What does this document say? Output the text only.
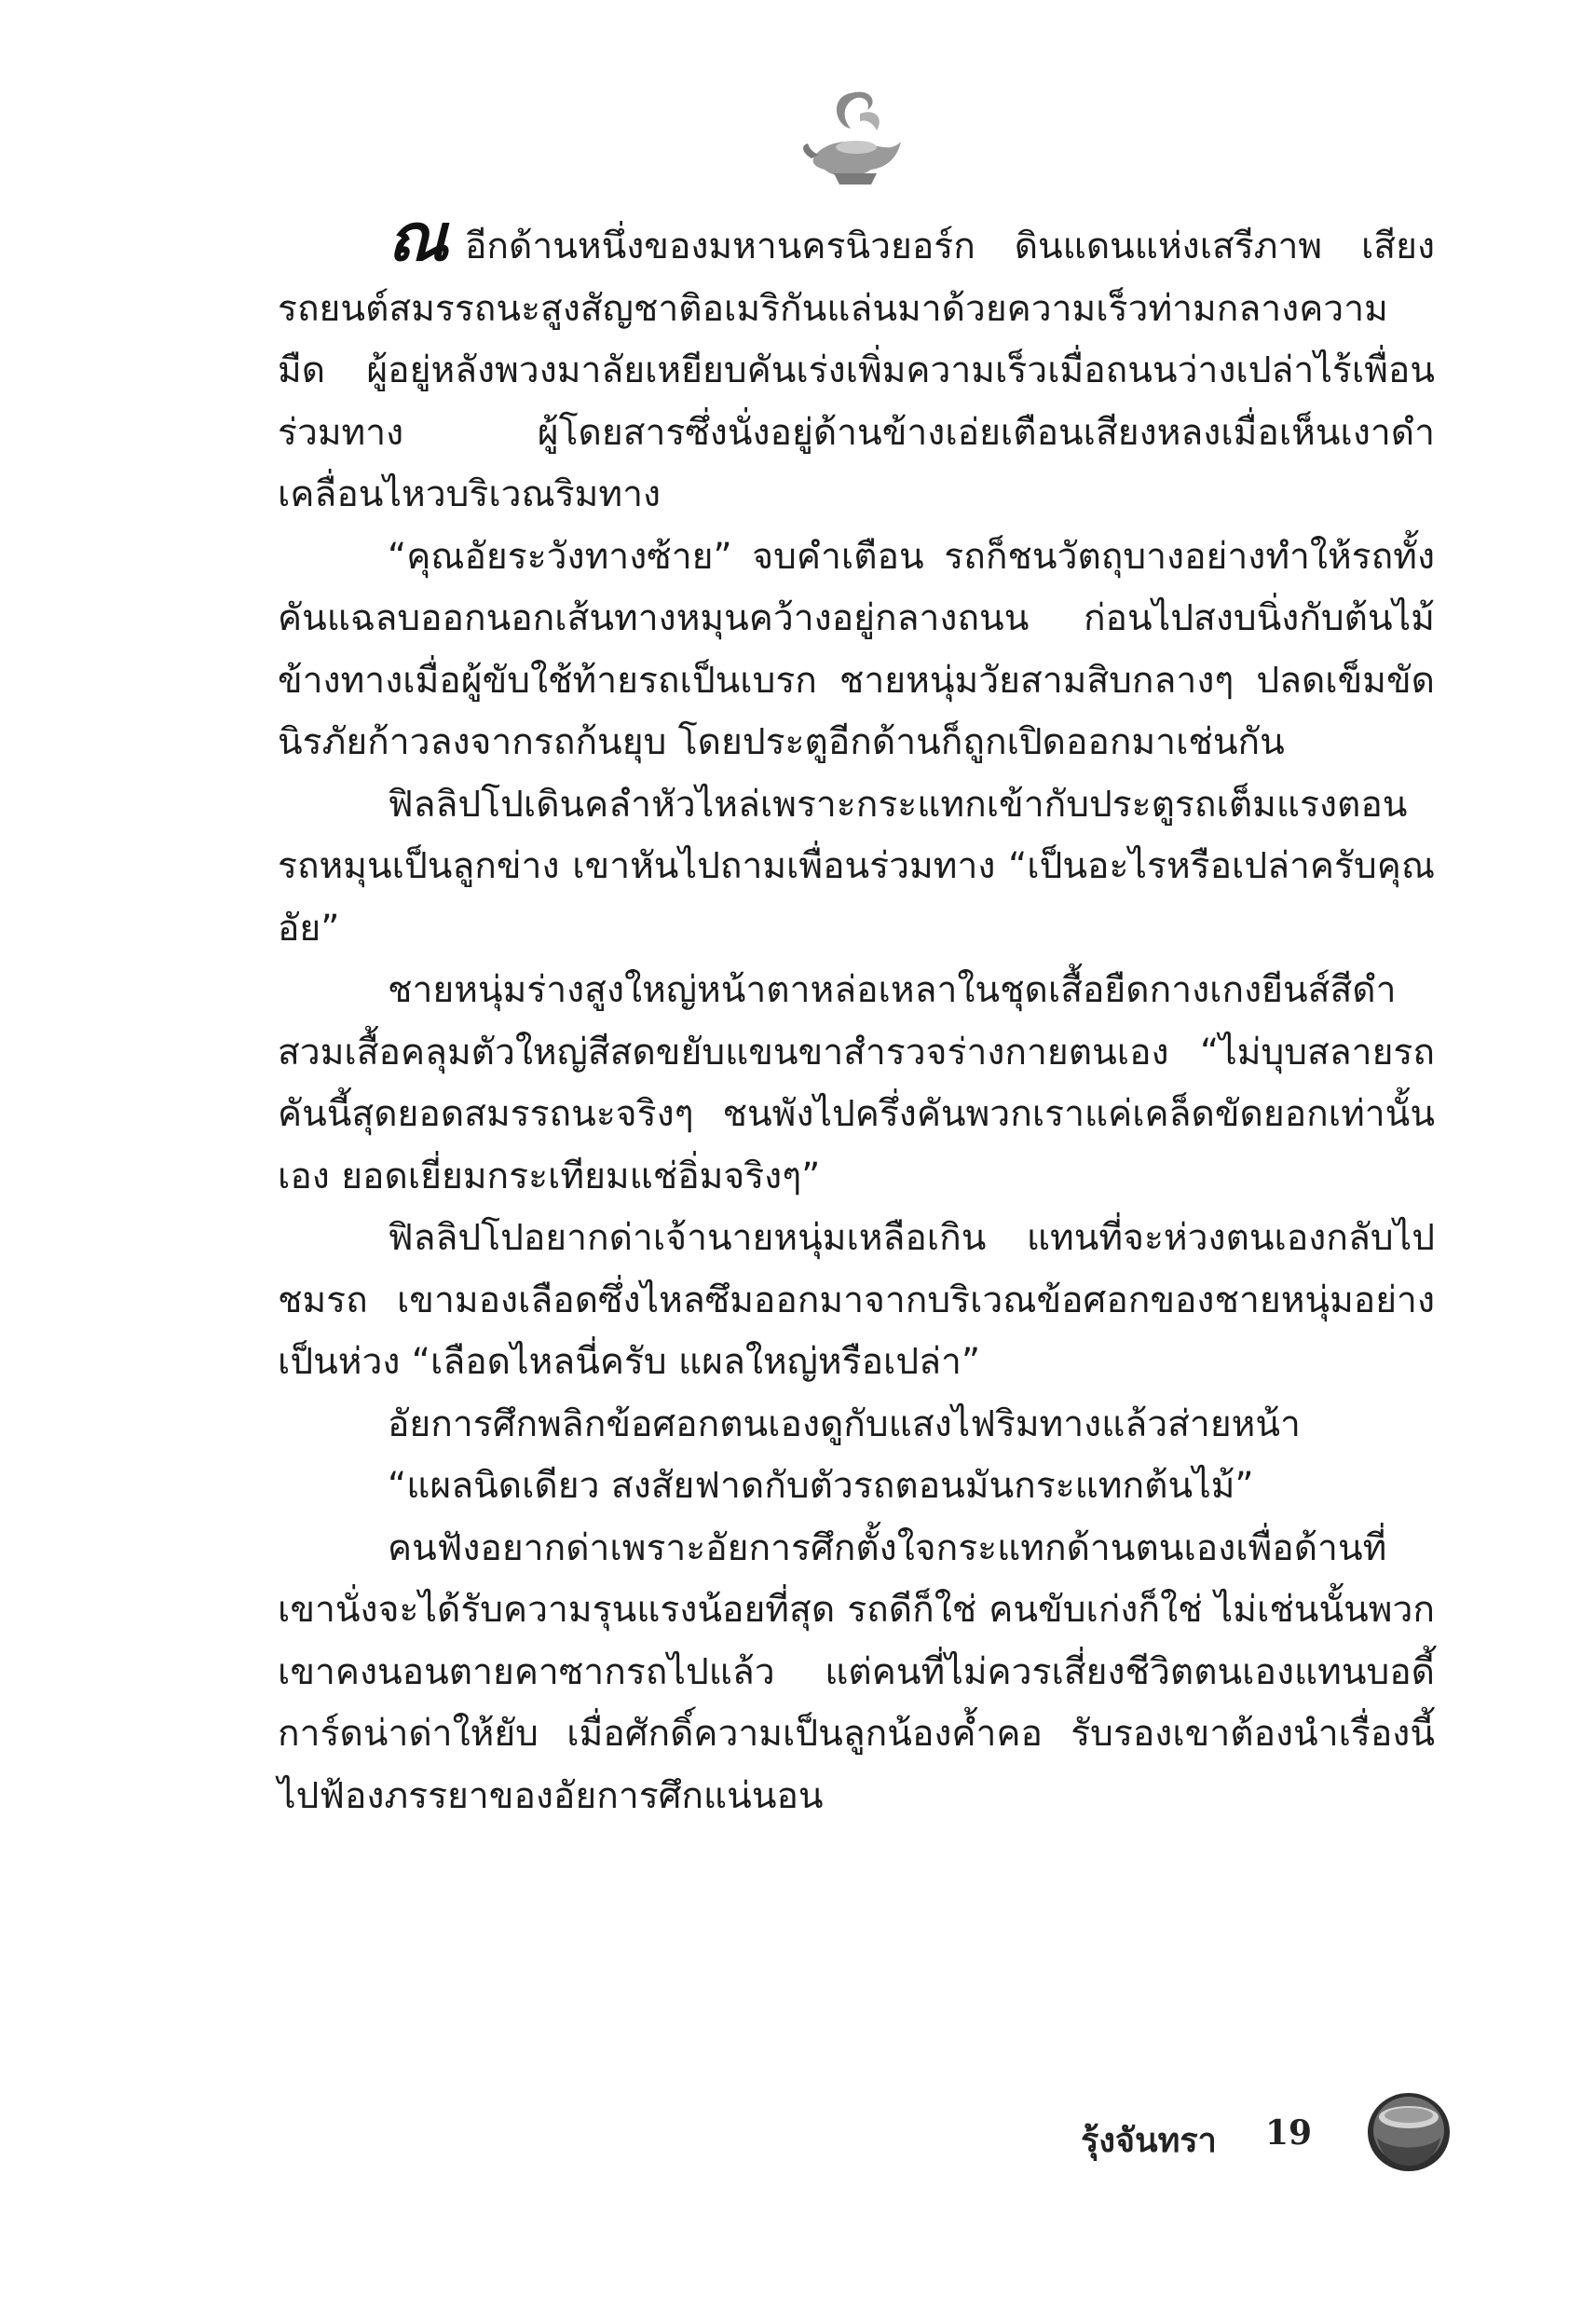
ณอีกด้านหนึ่งของมหานครนิวยอร์ก ดินแดนแห่งเสรีภาพ เสียงรถยนต์สมรรถนะสูงสัญชาติอเมริกันแล่นมาด้วยความเร็วท่ามกลางความมืด ผู้อยู่หลังพวงมาลัยเหยียบคันเร่งเพิ่มความเร็วเมื่อถนนว่างเปล่าไร้เพื่อนร่วมทาง ผู้โดยสารซึ่งนั่งอยู่ด้านข้างเอ่ยเตือนเสียงหลงเมื่อเห็นเงาดำเคลื่อนไหวบริเวณริมทาง

“คุณอัยระวังทางซ้าย” จบคำเตือน รถก็ชนวัตถุบางอย่างทำให้รถทั้งคันแฉลบออกนอกเส้นทางหมุนคว้างอยู่กลางถนน ก่อนไปสงบนิ่งกับต้นไม้ข้างทางเมื่อผู้ขับใช้ท้ายรถเป็นเบรก ชายหนุ่มวัยสามสิบกลางๆ ปลดเข็มขัดนิรภัยก้าวลงจากรถก้นยุบ โดยประตูอีกด้านก็ถูกเปิดออกมาเช่นกัน

ฟิลลิปโปเดินคลำหัวไหล่เพราะกระแทกเข้ากับประตูรถเต็มแรงตอนรถหมุนเป็นลูกข่าง เขาหันไปถามเพื่อนร่วมทาง “เป็นอะไรหรือเปล่าครับคุณอัย”

ชายหนุ่มร่างสูงใหญ่หน้าตาหล่อเหลาในชุดเสื้อยืดกางเกงยีนส์สีดำสวมเสื้อคลุมตัวใหญ่สีสดขยับแขนขาสำรวจร่างกายตนเอง “ไม่บุบสลายรถคันนี้สุดยอดสมรรถนะจริงๆ ชนพังไปครึ่งคันพวกเราแค่เคล็ดขัดยอกเท่านั้นเอง ยอดเยี่ยมกระเทียมแช่อิ่มจริงๆ”

ฟิลลิปโปอยากด่าเจ้านายหนุ่มเหลือเกิน แทนที่จะห่วงตนเองกลับไปชมรถ เขามองเลือดซึ่งไหลซึมออกมาจากบริเวณข้อศอกของชายหนุ่มอย่างเป็นห่วง “เลือดไหลนี่ครับ แผลใหญ่หรือเปล่า”

อัยการศึกพลิกข้อศอกตนเองดูกับแสงไฟริมทางแล้วส่ายหน้า

“แผลนิดเดียว สงสัยฟาดกับตัวรถตอนมันกระแทกต้นไม้”

คนฟังอยากด่าเพราะอัยการศึกตั้งใจกระแทกด้านตนเองเพื่อด้านที่เขานั่งจะได้รับความรุนแรงน้อยที่สุด รถดีก็ใช่ คนขับเก่งก็ใช่ ไม่เช่นนั้นพวกเขาคงนอนตายคาซากรถไปแล้ว แต่คนที่ไม่ควรเสี่ยงชีวิตตนเองแทนบอดี้การ์ดน่าด่าให้ยับ เมื่อศักดิ์ความเป็นลูกน้องค้ำคอ รับรองเขาต้องนำเรื่องนี้ไปฟ้องภรรยาของอัยการศึกแน่นอน

รุ้งจันทรา 19
